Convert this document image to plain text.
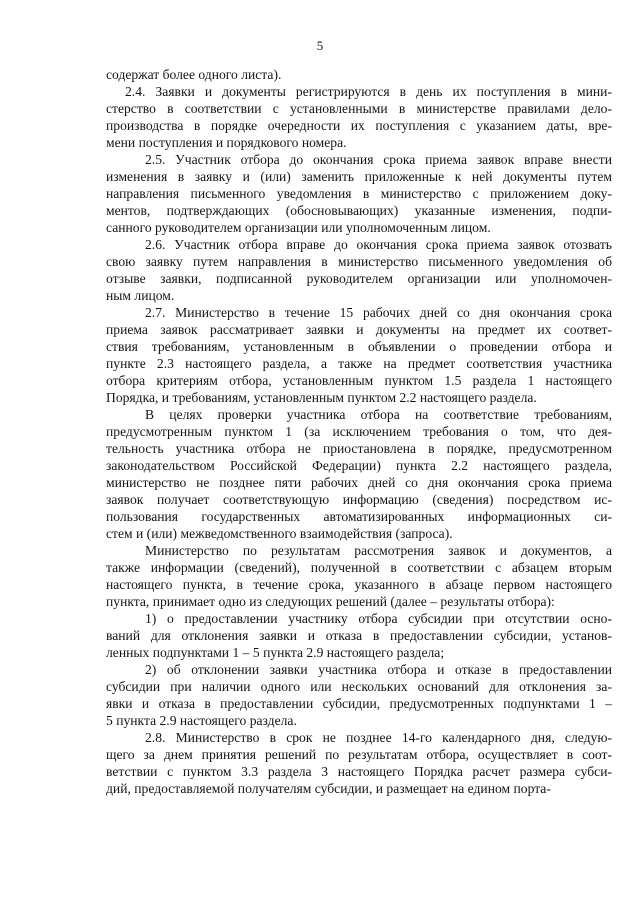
5
содержат более одного листа).
2.4. Заявки и документы регистрируются в день их поступления в мини-
стерство в соответствии с установленными в министерстве правилами дело-
производства в порядке очередности их поступления с указанием даты, вре-
мени поступления и порядкового номера.
2.5. Участник отбора до окончания срока приема заявок вправе внести
изменения в заявку и (или) заменить приложенные к ней документы путем
направления письменного уведомления в министерство с приложением доку-
ментов, подтверждающих (обосновывающих) указанные изменения, подпи-
санного руководителем организации или уполномоченным лицом.
2.6. Участник отбора вправе до окончания срока приема заявок отозвать
свою заявку путем направления в министерство письменного уведомления об
отзыве заявки, подписанной руководителем организации или уполномочен-
ным лицом.
2.7. Министерство в течение 15 рабочих дней со дня окончания срока
приема заявок рассматривает заявки и документы на предмет их соответ-
ствия требованиям, установленным в объявлении о проведении отбора и
пункте 2.3 настоящего раздела, а также на предмет соответствия участника
отбора критериям отбора, установленным пунктом 1.5 раздела 1 настоящего
Порядка, и требованиям, установленным пунктом 2.2 настоящего раздела.
В целях проверки участника отбора на соответствие требованиям,
предусмотренным пунктом 1 (за исключением требования о том, что дея-
тельность участника отбора не приостановлена в порядке, предусмотренном
законодательством Российской Федерации) пункта 2.2 настоящего раздела,
министерство не позднее пяти рабочих дней со дня окончания срока приема
заявок получает соответствующую информацию (сведения) посредством ис-
пользования государственных автоматизированных информационных си-
стем и (или) межведомственного взаимодействия (запроса).
Министерство по результатам рассмотрения заявок и документов, а
также информации (сведений), полученной в соответствии с абзацем вторым
настоящего пункта, в течение срока, указанного в абзаце первом настоящего
пункта, принимает одно из следующих решений (далее – результаты отбора):
1) о предоставлении участнику отбора субсидии при отсутствии осно-
ваний для отклонения заявки и отказа в предоставлении субсидии, установ-
ленных подпунктами 1 – 5 пункта 2.9 настоящего раздела;
2) об отклонении заявки участника отбора и отказе в предоставлении
субсидии при наличии одного или нескольких оснований для отклонения за-
явки и отказа в предоставлении субсидии, предусмотренных подпунктами 1 –
5 пункта 2.9 настоящего раздела.
2.8. Министерство в срок не позднее 14-го календарного дня, следую-
щего за днем принятия решений по результатам отбора, осуществляет в соот-
ветствии с пунктом 3.3 раздела 3 настоящего Порядка расчет размера субси-
дий, предоставляемой получателям субсидии, и размещает на едином порта-
